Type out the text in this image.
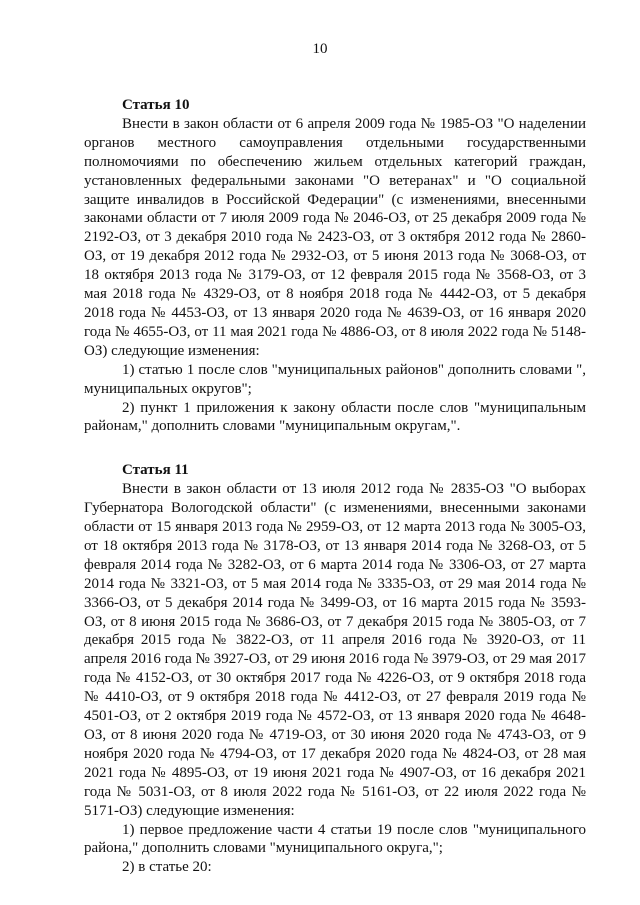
10

Статья 10

Внести в закон области от 6 апреля 2009 года № 1985-ОЗ "О наделении органов местного самоуправления отдельными государственными полномочиями по обеспечению жильем отдельных категорий граждан, установленных федеральными законами "О ветеранах" и "О социальной защите инвалидов в Российской Федерации" (с изменениями, внесенными законами области от 7 июля 2009 года № 2046-ОЗ, от 25 декабря 2009 года № 2192-ОЗ, от 3 декабря 2010 года № 2423-ОЗ, от 3 октября 2012 года № 2860-ОЗ, от 19 декабря 2012 года № 2932-ОЗ, от 5 июня 2013 года № 3068-ОЗ, от 18 октября 2013 года № 3179-ОЗ, от 12 февраля 2015 года № 3568-ОЗ, от 3 мая 2018 года № 4329-ОЗ, от 8 ноября 2018 года № 4442-ОЗ, от 5 декабря 2018 года № 4453-ОЗ, от 13 января 2020 года № 4639-ОЗ, от 16 января 2020 года № 4655-ОЗ, от 11 мая 2021 года № 4886-ОЗ, от 8 июля 2022 года № 5148-ОЗ) следующие изменения:

1) статью 1 после слов "муниципальных районов" дополнить словами ", муниципальных округов";

2) пункт 1 приложения к закону области после слов "муниципальным районам," дополнить словами "муниципальным округам,".

Статья 11

Внести в закон области от 13 июля 2012 года № 2835-ОЗ "О выборах Губернатора Вологодской области" (с изменениями, внесенными законами области от 15 января 2013 года № 2959-ОЗ, от 12 марта 2013 года № 3005-ОЗ, от 18 октября 2013 года № 3178-ОЗ, от 13 января 2014 года № 3268-ОЗ, от 5 февраля 2014 года № 3282-ОЗ, от 6 марта 2014 года № 3306-ОЗ, от 27 марта 2014 года № 3321-ОЗ, от 5 мая 2014 года № 3335-ОЗ, от 29 мая 2014 года № 3366-ОЗ, от 5 декабря 2014 года № 3499-ОЗ, от 16 марта 2015 года № 3593-ОЗ, от 8 июня 2015 года № 3686-ОЗ, от 7 декабря 2015 года № 3805-ОЗ, от 7 декабря 2015 года № 3822-ОЗ, от 11 апреля 2016 года № 3920-ОЗ, от 11 апреля 2016 года № 3927-ОЗ, от 29 июня 2016 года № 3979-ОЗ, от 29 мая 2017 года № 4152-ОЗ, от 30 октября 2017 года № 4226-ОЗ, от 9 октября 2018 года № 4410-ОЗ, от 9 октября 2018 года № 4412-ОЗ, от 27 февраля 2019 года № 4501-ОЗ, от 2 октября 2019 года № 4572-ОЗ, от 13 января 2020 года № 4648-ОЗ, от 8 июня 2020 года № 4719-ОЗ, от 30 июня 2020 года № 4743-ОЗ, от 9 ноября 2020 года № 4794-ОЗ, от 17 декабря 2020 года № 4824-ОЗ, от 28 мая 2021 года № 4895-ОЗ, от 19 июня 2021 года № 4907-ОЗ, от 16 декабря 2021 года № 5031-ОЗ, от 8 июля 2022 года № 5161-ОЗ, от 22 июля 2022 года № 5171-ОЗ) следующие изменения:

1) первое предложение части 4 статьи 19 после слов "муниципального района," дополнить словами "муниципального округа,";

2) в статье 20:
